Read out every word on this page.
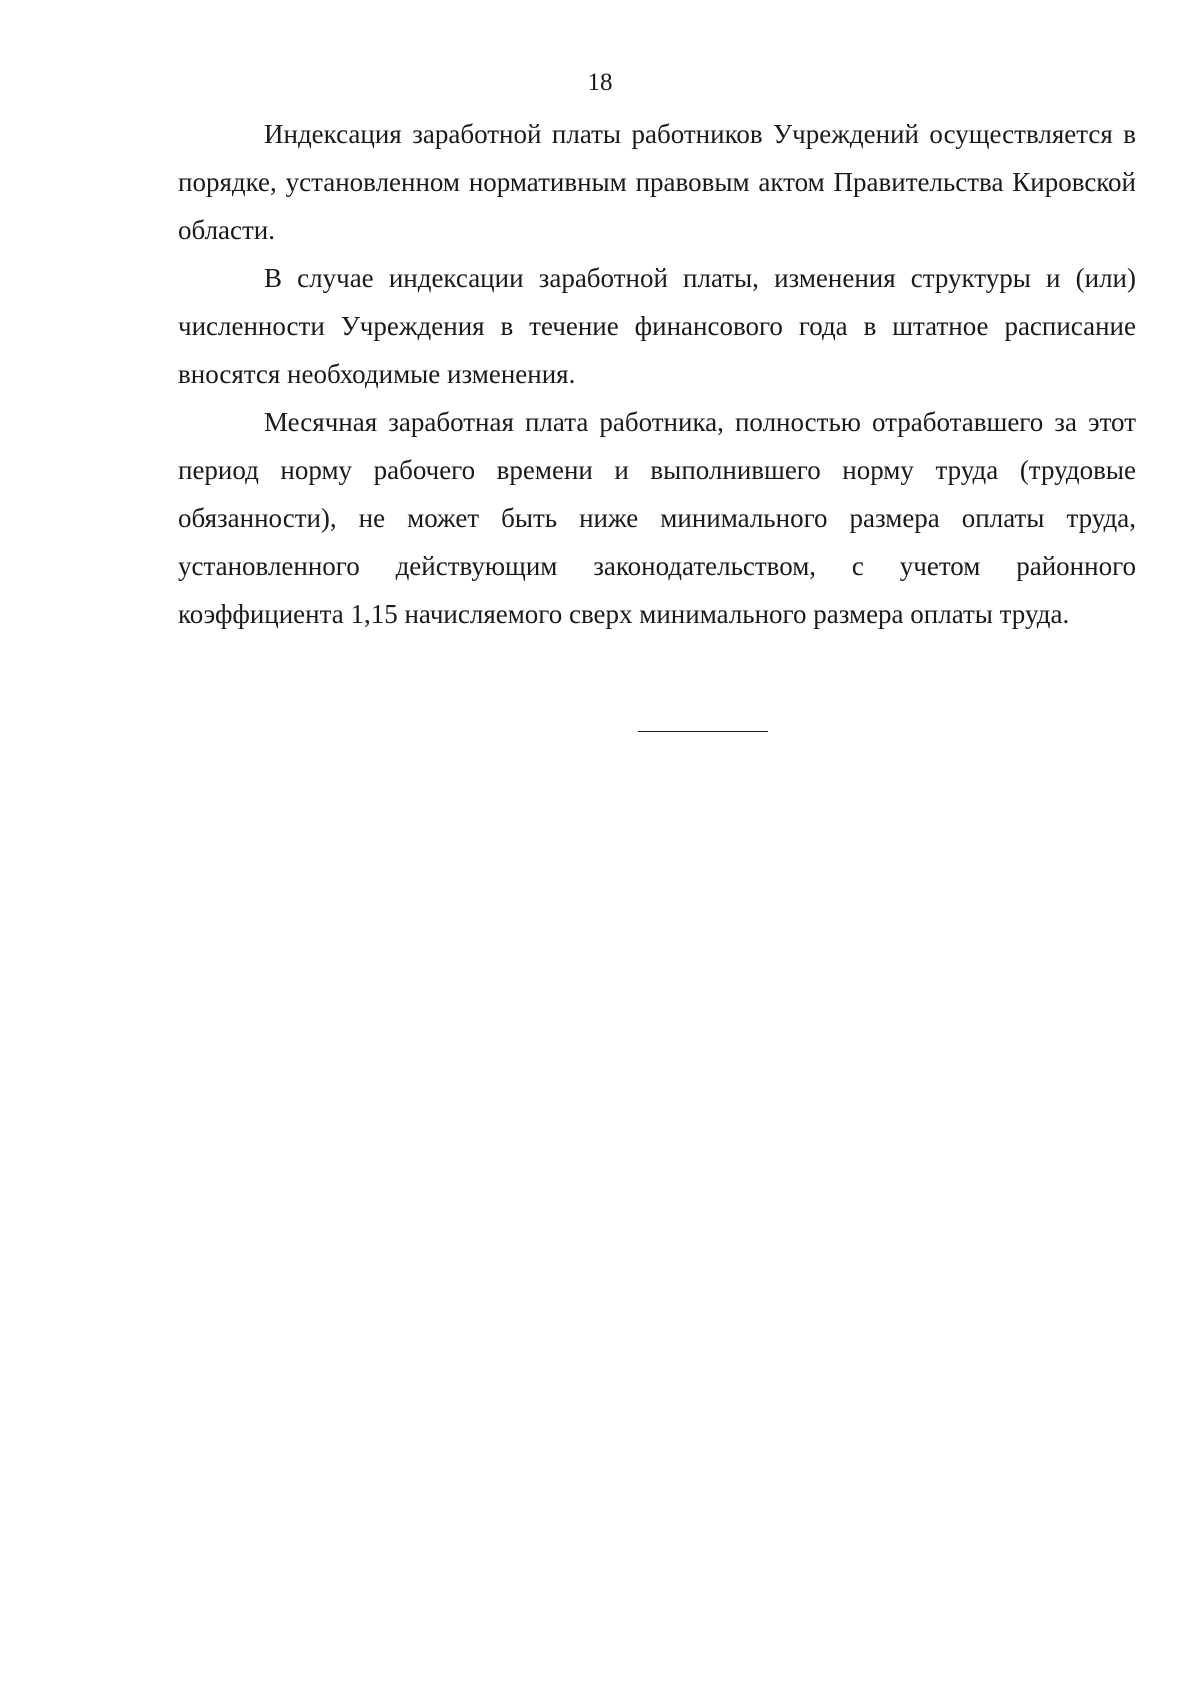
18

Индексация заработной платы работников Учреждений осуществляется в порядке, установленном нормативным правовым актом Правительства Кировской области.

В случае индексации заработной платы, изменения структуры и (или) численности Учреждения в течение финансового года в штатное расписание вносятся необходимые изменения.

Месячная заработная плата работника, полностью отработавшего за этот период норму рабочего времени и выполнившего норму труда (трудовые обязанности), не может быть ниже минимального размера оплаты труда, установленного действующим законодательством, с учетом районного коэффициента 1,15 начисляемого сверх минимального размера оплаты труда.
